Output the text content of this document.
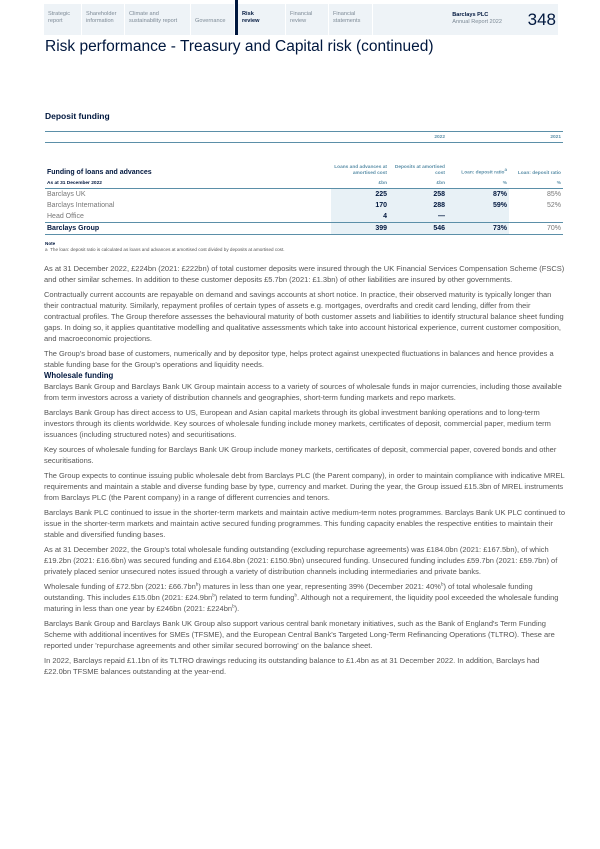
Strategic
report
Shareholder
information
Climate and
sustainability report	Governance
Risk
review
Financial
review
Financial
statements
Barclays PLC
Annual Report 2022 348
Risk performance - Treasury and Capital risk (continued)
Deposit funding
		2022		2021
Funding of loans and advances	Loans and advances at amortised cost	Deposits at amortised cost	Loan: deposit ratio$^a$	Loan: deposit ratio
As at 31 December 2022	£bn	£bn	%	%
Barclays UK	225	258	87%	85%
Barclays International	170	288	59%	52%
Head Office	4	—		
Barclays Group	399	546	73%	70%
Note
a The loan: deposit ratio is calculated as loans and advances at amortised cost divided by deposits at amortised cost.

As at 31 December 2022, £224bn (2021: £222bn) of total customer deposits were insured through the UK Financial Services Compensation Scheme (FSCS) and other similar schemes. In addition to these customer deposits £5.7bn (2021: £1.3bn) of other liabilities are insured by other governments.

Contractually current accounts are repayable on demand and savings accounts at short notice. In practice, their observed maturity is typically longer than their contractual maturity. Similarly, repayment profiles of certain types of assets e.g. mortgages, overdrafts and credit card lending, differ from their contractual profiles. The Group therefore assesses the behavioural maturity of both customer assets and liabilities to identify structural balance sheet funding gaps. In doing so, it applies quantitative modelling and qualitative assessments which take into account historical experience, current customer composition, and macroeconomic projections.

The Group's broad base of customers, numerically and by depositor type, helps protect against unexpected fluctuations in balances and hence provides a stable funding base for the Group's operations and liquidity needs.

Wholesale funding

Barclays Bank Group and Barclays Bank UK Group maintain access to a variety of sources of wholesale funds in major currencies, including those available from term investors across a variety of distribution channels and geographies, short-term funding markets and repo markets.

Barclays Bank Group has direct access to US, European and Asian capital markets through its global investment banking operations and to long-term investors through its clients worldwide. Key sources of wholesale funding include money markets, certificates of deposit, commercial paper, medium term issuances (including structured notes) and securitisations.

Key sources of wholesale funding for Barclays Bank UK Group include money markets, certificates of deposit, commercial paper, covered bonds and other securitisations.

The Group expects to continue issuing public wholesale debt from Barclays PLC (the Parent company), in order to maintain compliance with indicative MREL requirements and maintain a stable and diverse funding base by type, currency and market. During the year, the Group issued £15.3bn of MREL instruments from Barclays PLC (the Parent company) in a range of different currencies and tenors.

Barclays Bank PLC continued to issue in the shorter-term markets and maintain active medium-term notes programmes. Barclays Bank UK PLC continued to issue in the shorter-term markets and maintain active secured funding programmes. This funding capacity enables the respective entities to maintain their stable and diversified funding bases.

As at 31 December 2022, the Group's total wholesale funding outstanding (excluding repurchase agreements) was £184.0bn (2021: £167.5bn), of which £19.2bn (2021: £16.6bn) was secured funding and £164.8bn (2021: £150.9bn) unsecured funding. Unsecured funding includes £59.7bn (2021: £59.7bn) of privately placed senior unsecured notes issued through a variety of distribution channels including intermediaries and private banks.

Wholesale funding of £72.5bn (2021: $£66.7bn^b$) matures in less than one year, representing 39% (December 2021: 40%$^b$) of total wholesale funding outstanding. This includes £15.0bn (2021: $£24.9bn^b$) related to term funding$^b$. Although not a requirement, the liquidity pool exceeded the wholesale funding maturing in less than one year by £246bn (2021: $£224bn^b$).

Barclays Bank Group and Barclays Bank UK Group also support various central bank monetary initiatives, such as the Bank of England's Term Funding Scheme with additional incentives for SMEs (TFSME), and the European Central Bank's Targeted Long-Term Refinancing Operations (TLTRO). These are reported under 'repurchase agreements and other similar secured borrowing' on the balance sheet.

In 2022, Barclays repaid £1.1bn of its TLTRO drawings reducing its outstanding balance to £1.4bn as at 31 December 2022. In addition, Barclays had £22.0bn TFSME balances outstanding at the year-end.
